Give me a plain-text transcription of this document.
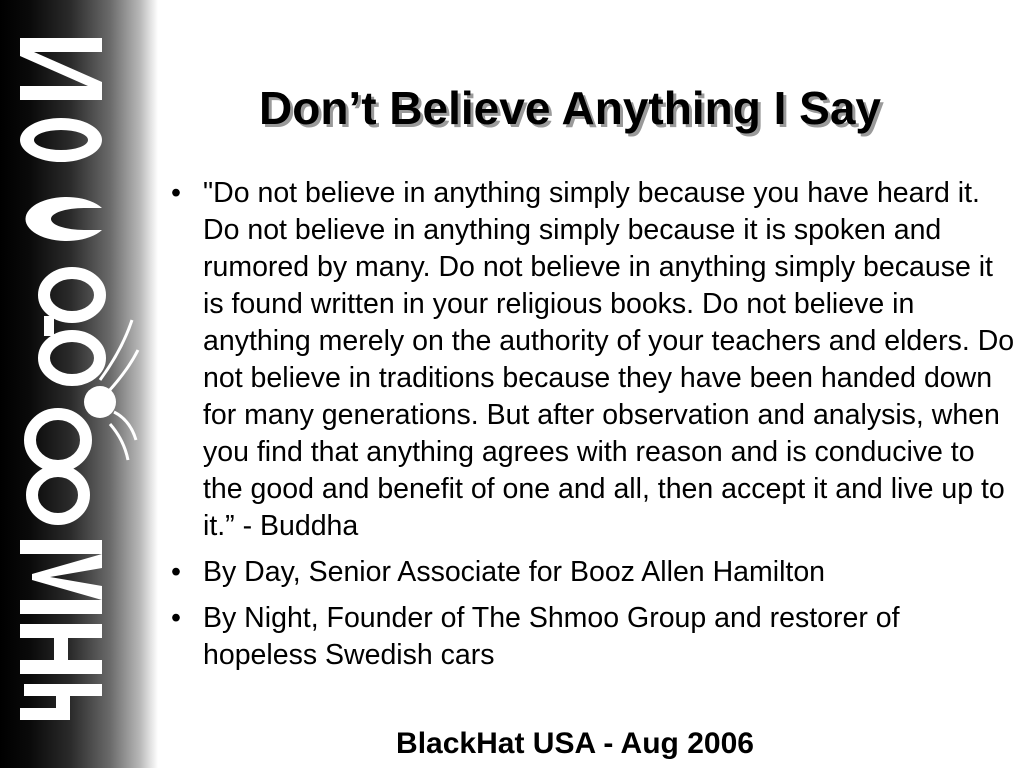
Don’t Believe Anything I Say
• "Do not believe in anything simply because you have heard it. Do not believe in anything simply because it is spoken and rumored by many. Do not believe in anything simply because it is found written in your religious books. Do not believe in anything merely on the authority of your teachers and elders. Do not believe in traditions because they have been handed down for many generations. But after observation and analysis, when you find that anything agrees with reason and is conducive to the good and benefit of one and all, then accept it and live up to it.” - Buddha
• By Day, Senior Associate for Booz Allen Hamilton
• By Night, Founder of The Shmoo Group and restorer of hopeless Swedish cars
BlackHat USA - Aug 2006
